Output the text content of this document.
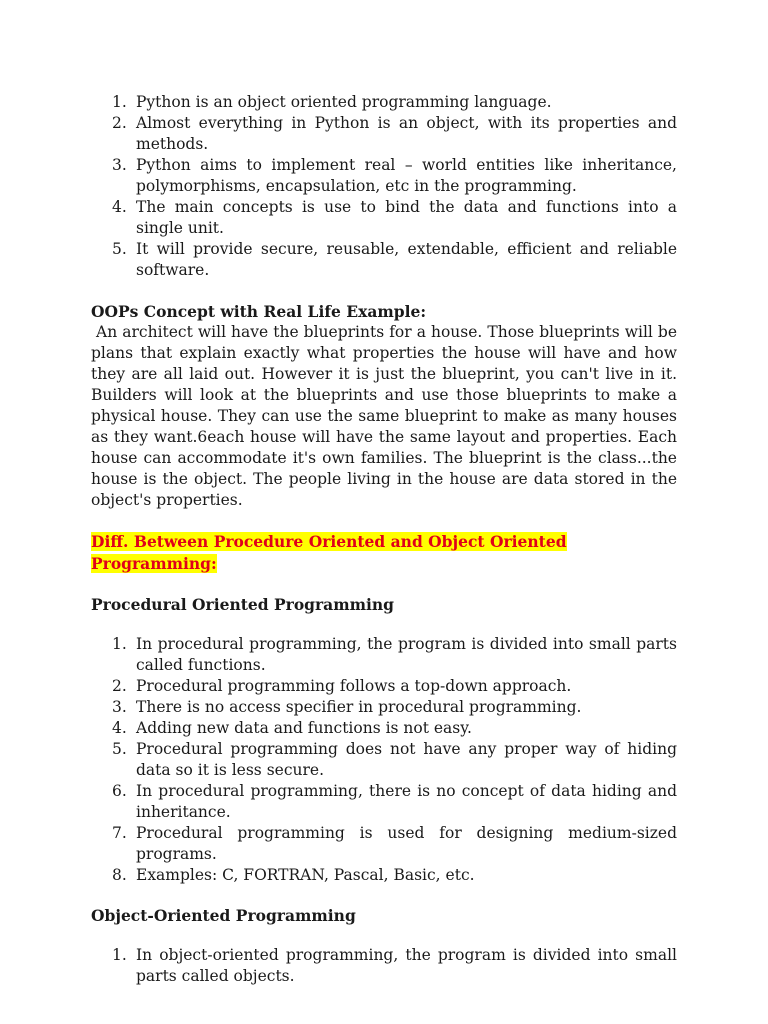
1. Python is an object oriented programming language.
2. Almost everything in Python is an object, with its properties and methods.
3. Python aims to implement real – world entities like inheritance, polymorphisms, encapsulation, etc in the programming.
4. The main concepts is use to bind the data and functions into a single unit.
5. It will provide secure, reusable, extendable, efficient and reliable software.
OOPs Concept with Real Life Example:
An architect will have the blueprints for a house. Those blueprints will be plans that explain exactly what properties the house will have and how they are all laid out. However it is just the blueprint, you can't live in it. Builders will look at the blueprints and use those blueprints to make a physical house. They can use the same blueprint to make as many houses as they want.6each house will have the same layout and properties. Each house can accommodate it's own families. The blueprint is the class...the house is the object. The people living in the house are data stored in the object's properties.
Diff. Between Procedure Oriented and Object Oriented Programming:
Procedural Oriented Programming
1. In procedural programming, the program is divided into small parts called functions.
2. Procedural programming follows a top-down approach.
3. There is no access specifier in procedural programming.
4. Adding new data and functions is not easy.
5. Procedural programming does not have any proper way of hiding data so it is less secure.
6. In procedural programming, there is no concept of data hiding and inheritance.
7. Procedural programming is used for designing medium-sized programs.
8. Examples: C, FORTRAN, Pascal, Basic, etc.
Object-Oriented Programming
1. In object-oriented programming, the program is divided into small parts called objects.
